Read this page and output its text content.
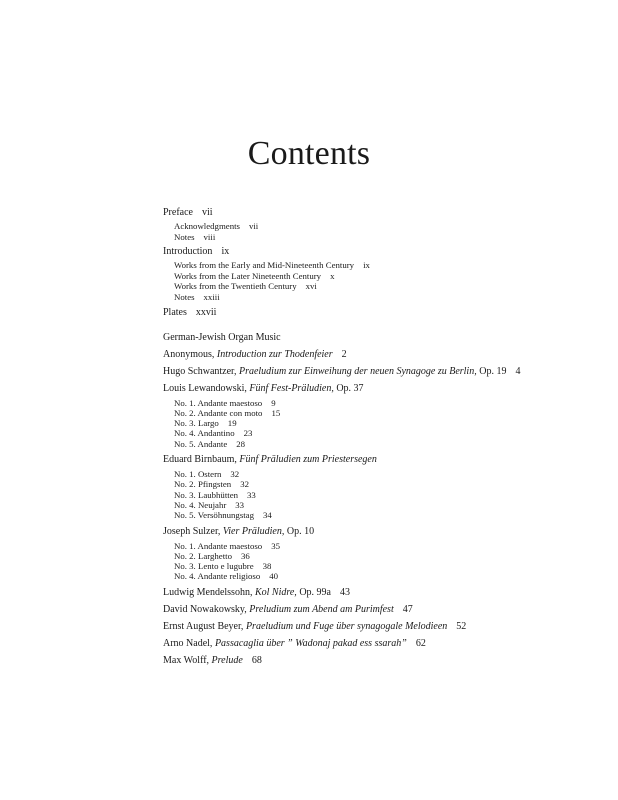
Contents
Preface vii
Acknowledgments vii
Notes viii
Introduction ix
Works from the Early and Mid-Nineteenth Century ix
Works from the Later Nineteenth Century x
Works from the Twentieth Century xvi
Notes xxiii
Plates xxvii
German-Jewish Organ Music
Anonymous, Introduction zur Thodenfeier 2
Hugo Schwantzer, Praeludium zur Einweihung der neuen Synagoge zu Berlin, Op. 19 4
Louis Lewandowski, Fünf Fest-Präludien, Op. 37
No. 1. Andante maestoso 9
No. 2. Andante con moto 15
No. 3. Largo 19
No. 4. Andantino 23
No. 5. Andante 28
Eduard Birnbaum, Fünf Präludien zum Priestersegen
No. 1. Ostern 32
No. 2. Pfingsten 32
No. 3. Laubhütten 33
No. 4. Neujahr 33
No. 5. Versöhnungstag 34
Joseph Sulzer, Vier Präludien, Op. 10
No. 1. Andante maestoso 35
No. 2. Larghetto 36
No. 3. Lento e lugubre 38
No. 4. Andante religioso 40
Ludwig Mendelssohn, Kol Nidre, Op. 99a 43
David Nowakowsky, Preludium zum Abend am Purimfest 47
Ernst August Beyer, Praeludium und Fuge über synagogale Melodieen 52
Arno Nadel, Passacaglia über ” Wadonaj pakad ess ssarah” 62
Max Wolff, Prelude 68
